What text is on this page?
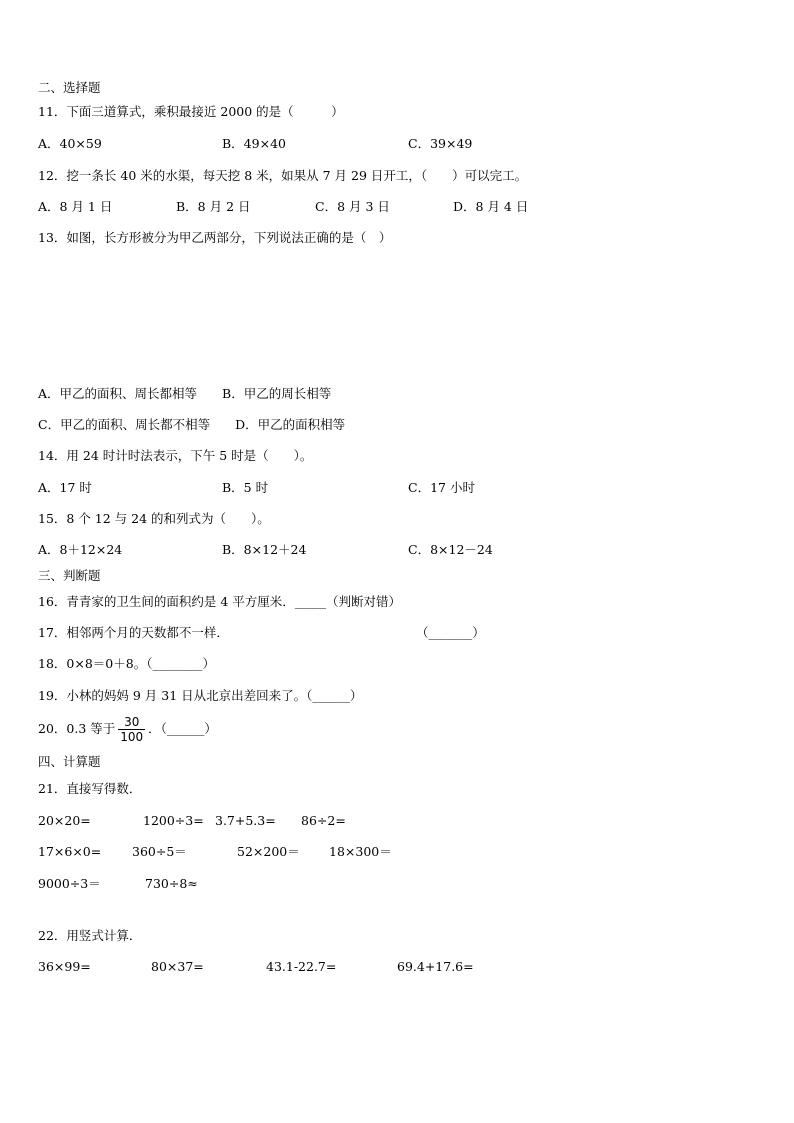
二、选择题
11．下面三道算式，乘积最接近 2000 的是（　　　）
A．40×59	B．49×40	C．39×49
12．挖一条长 40 米的水渠，每天挖 8 米，如果从 7 月 29 日开工，（　　）可以完工。
A．8 月 1 日	B．8 月 2 日	C．8 月 3 日	D．8 月 4 日
13．如图，长方形被分为甲乙两部分，下列说法正确的是（　）
A．甲乙的面积、周长都相等　　B．甲乙的周长相等
C．甲乙的面积、周长都不相等　　D．甲乙的面积相等
14．用 24 时计时法表示，下午 5 时是（　　）。
A．17 时	B．5 时	C．17 小时
15．8 个 12 与 24 的和列式为（　　）。
A．8＋12×24	B．8×12＋24	C．8×12－24
三、判断题
16．青青家的卫生间的面积约是 4 平方厘米．_____（判断对错）
17．相邻两个月的天数都不一样．	（_______）
18．0×8＝0＋8。（________）
19．小林的妈妈 9 月 31 日从北京出差回来了。（______）
20．0.3 等于 $\frac{30}{100}$ ．（______）
四、计算题
21．直接写得数．
20×20=	1200÷3= 3.7+5.3= 86÷2=
17×6×0= 360÷5＝	52×200＝ 18×300＝
9000÷3＝	730÷8≈
22．用竖式计算．
36×99=	80×37=	43.1-22.7=	69.4+17.6=
